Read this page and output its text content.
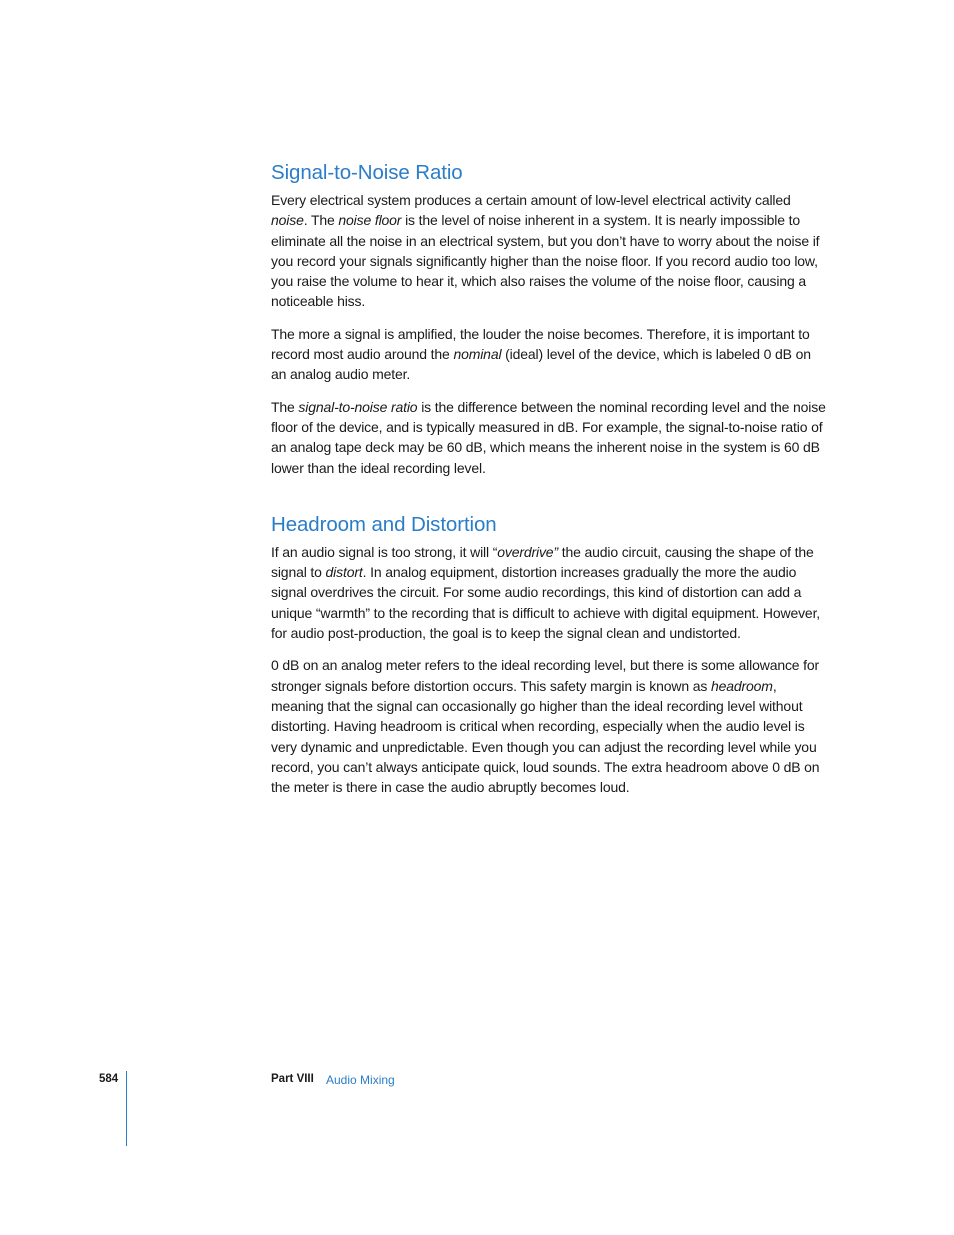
Signal-to-Noise Ratio

Every electrical system produces a certain amount of low-level electrical activity called noise. The noise floor is the level of noise inherent in a system. It is nearly impossible to eliminate all the noise in an electrical system, but you don’t have to worry about the noise if you record your signals significantly higher than the noise floor. If you record audio too low, you raise the volume to hear it, which also raises the volume of the noise floor, causing a noticeable hiss.

The more a signal is amplified, the louder the noise becomes. Therefore, it is important to record most audio around the nominal (ideal) level of the device, which is labeled 0 dB on an analog audio meter.

The signal-to-noise ratio is the difference between the nominal recording level and the noise floor of the device, and is typically measured in dB. For example, the signal-to-noise ratio of an analog tape deck may be 60 dB, which means the inherent noise in the system is 60 dB lower than the ideal recording level.

Headroom and Distortion

If an audio signal is too strong, it will “overdrive” the audio circuit, causing the shape of the signal to distort. In analog equipment, distortion increases gradually the more the audio signal overdrives the circuit. For some audio recordings, this kind of distortion can add a unique “warmth” to the recording that is difficult to achieve with digital equipment. However, for audio post-production, the goal is to keep the signal clean and undistorted.

0 dB on an analog meter refers to the ideal recording level, but there is some allowance for stronger signals before distortion occurs. This safety margin is known as headroom, meaning that the signal can occasionally go higher than the ideal recording level without distorting. Having headroom is critical when recording, especially when the audio level is very dynamic and unpredictable. Even though you can adjust the recording level while you record, you can’t always anticipate quick, loud sounds. The extra headroom above 0 dB on the meter is there in case the audio abruptly becomes loud.

584	Part VIII Audio Mixing
